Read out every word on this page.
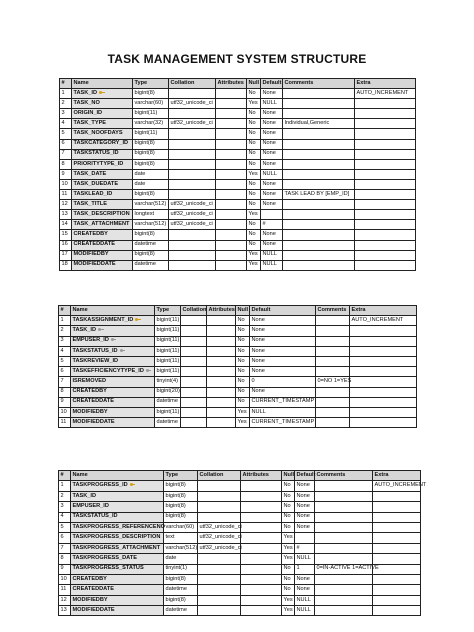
TASK MANAGEMENT SYSTEM STRUCTURE
#	Name	Type	Collation	Attributes	Null	Default	Comments	Extra
1	TASK_ID	bigint(8)			No	None		AUTO_INCREMENT
2	TASK_NO	varchar(60)	utf32_unicode_ci		Yes	NULL		
3	ORIGIN_ID	bigint(11)			No	None		
4	TASK_TYPE	varchar(32)	utf32_unicode_ci		No	None	Individual,Generic	
5	TASK_NOOFDAYS	bigint(11)			No	None		
6	TASKCATEGORY_ID	bigint(8)			No	None		
7	TASKSTATUS_ID	bigint(8)			No	None		
8	PRIORITYTYPE_ID	bigint(8)			No	None		
9	TASK_DATE	date			Yes	NULL		
10	TASK_DUEDATE	date			No	None		
11	TASKLEAD_ID	bigint(8)			No	None	TASK LEAD BY [EMP_ID]	
12	TASK_TITLE	varchar(512)	utf32_unicode_ci		No	None		
13	TASK_DESCRIPTION	longtext	utf32_unicode_ci		Yes			
14	TASK_ATTACHMENT	varchar(512)	utf32_unicode_ci		No	#		
15	CREATEDBY	bigint(8)			No	None		
16	CREATEDDATE	datetime			No	None		
17	MODIFIEDBY	bigint(8)			Yes	NULL		
18	MODIFIEDDATE	datetime			Yes	NULL		
#	Name	Type	Collation	Attributes	Null	Default	Comments	Extra
1	TASKASSIGNMENT_ID	bigint(11)			No	None		AUTO_INCREMENT
2	TASK_ID	bigint(11)			No	None		
3	EMPUSER_ID	bigint(11)			No	None		
4	TASKSTATUS_ID	bigint(11)			No	None		
5	TASKREVIEW_ID	bigint(11)			No	None		
6	TASKEFFICIENCYTYPE_ID	bigint(11)			No	None		
7	ISREMOVED	tinyint(4)			No	0	0=NO 1=YES	
8	CREATEDBY	bigint(20)			No	None		
9	CREATEDDATE	datetime			No	CURRENT_TIMESTAMP		
10	MODIFIEDBY	bigint(11)			Yes	NULL		
11	MODIFIEDDATE	datetime			Yes	CURRENT_TIMESTAMP		
#	Name	Type	Collation	Attributes	Null	Default	Comments	Extra
1	TASKPROGRESS_ID	bigint(8)			No	None		AUTO_INCREMENT
2	TASK_ID	bigint(8)			No	None		
3	EMPUSER_ID	bigint(8)			No	None		
4	TASKSTATUS_ID	bigint(8)			No	None		
5	TASKPROGRESS_REFERENCENO	varchar(60)	utf32_unicode_ci		No	None		
6	TASKPROGRESS_DESCRIPTION	text	utf32_unicode_ci		Yes			
7	TASKPROGRESS_ATTACHMENT	varchar(512)	utf32_unicode_ci		Yes	#		
8	TASKPROGRESS_DATE	date			Yes	NULL		
9	TASKPROGRESS_STATUS	tinyint(1)			No	1	0=IN-ACTIVE 1=ACTIVE	
10	CREATEDBY	bigint(8)			No	None		
11	CREATEDDATE	datetime			No	None		
12	MODIFIEDBY	bigint(8)			Yes	NULL		
13	MODIFIEDDATE	datetime			Yes	NULL		
